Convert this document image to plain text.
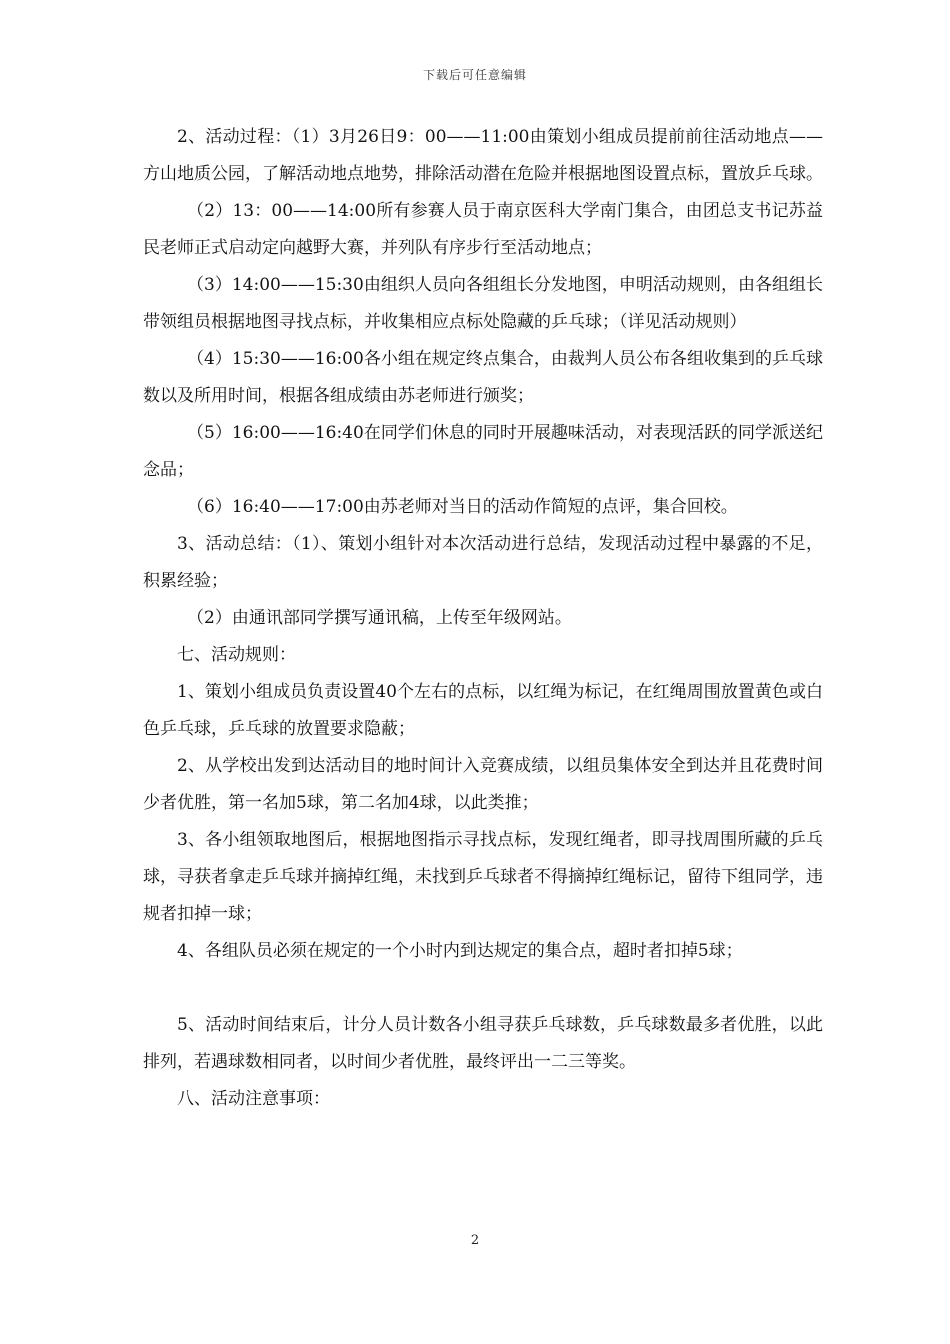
下载后可任意编辑

2、活动过程：（1）3月26日9：00——11:00由策划小组成员提前前往活动地点——方山地质公园，了解活动地点地势，排除活动潜在危险并根据地图设置点标，置放乒乓球。

（2）13：00——14:00所有参赛人员于南京医科大学南门集合，由团总支书记苏益民老师正式启动定向越野大赛，并列队有序步行至活动地点；

（3）14:00——15:30由组织人员向各组组长分发地图，申明活动规则，由各组组长带领组员根据地图寻找点标，并收集相应点标处隐藏的乒乓球；（详见活动规则）

（4）15:30——16:00各小组在规定终点集合，由裁判人员公布各组收集到的乒乓球数以及所用时间，根据各组成绩由苏老师进行颁奖；

（5）16:00——16:40在同学们休息的同时开展趣味活动，对表现活跃的同学派送纪念品；

（6）16:40——17:00由苏老师对当日的活动作简短的点评，集合回校。

3、活动总结：（1）、策划小组针对本次活动进行总结，发现活动过程中暴露的不足，积累经验；

（2）由通讯部同学撰写通讯稿，上传至年级网站。

七、活动规则：

1、策划小组成员负责设置40个左右的点标，以红绳为标记，在红绳周围放置黄色或白色乒乓球，乒乓球的放置要求隐蔽；

2、从学校出发到达活动目的地时间计入竞赛成绩，以组员集体安全到达并且花费时间少者优胜，第一名加5球，第二名加4球，以此类推；

3、各小组领取地图后，根据地图指示寻找点标，发现红绳者，即寻找周围所藏的乒乓球，寻获者拿走乒乓球并摘掉红绳，未找到乒乓球者不得摘掉红绳标记，留待下组同学，违规者扣掉一球；

4、各组队员必须在规定的一个小时内到达规定的集合点，超时者扣掉5球；

5、活动时间结束后，计分人员计数各小组寻获乒乓球数，乒乓球数最多者优胜，以此排列，若遇球数相同者，以时间少者优胜，最终评出一二三等奖。

八、活动注意事项：

2
